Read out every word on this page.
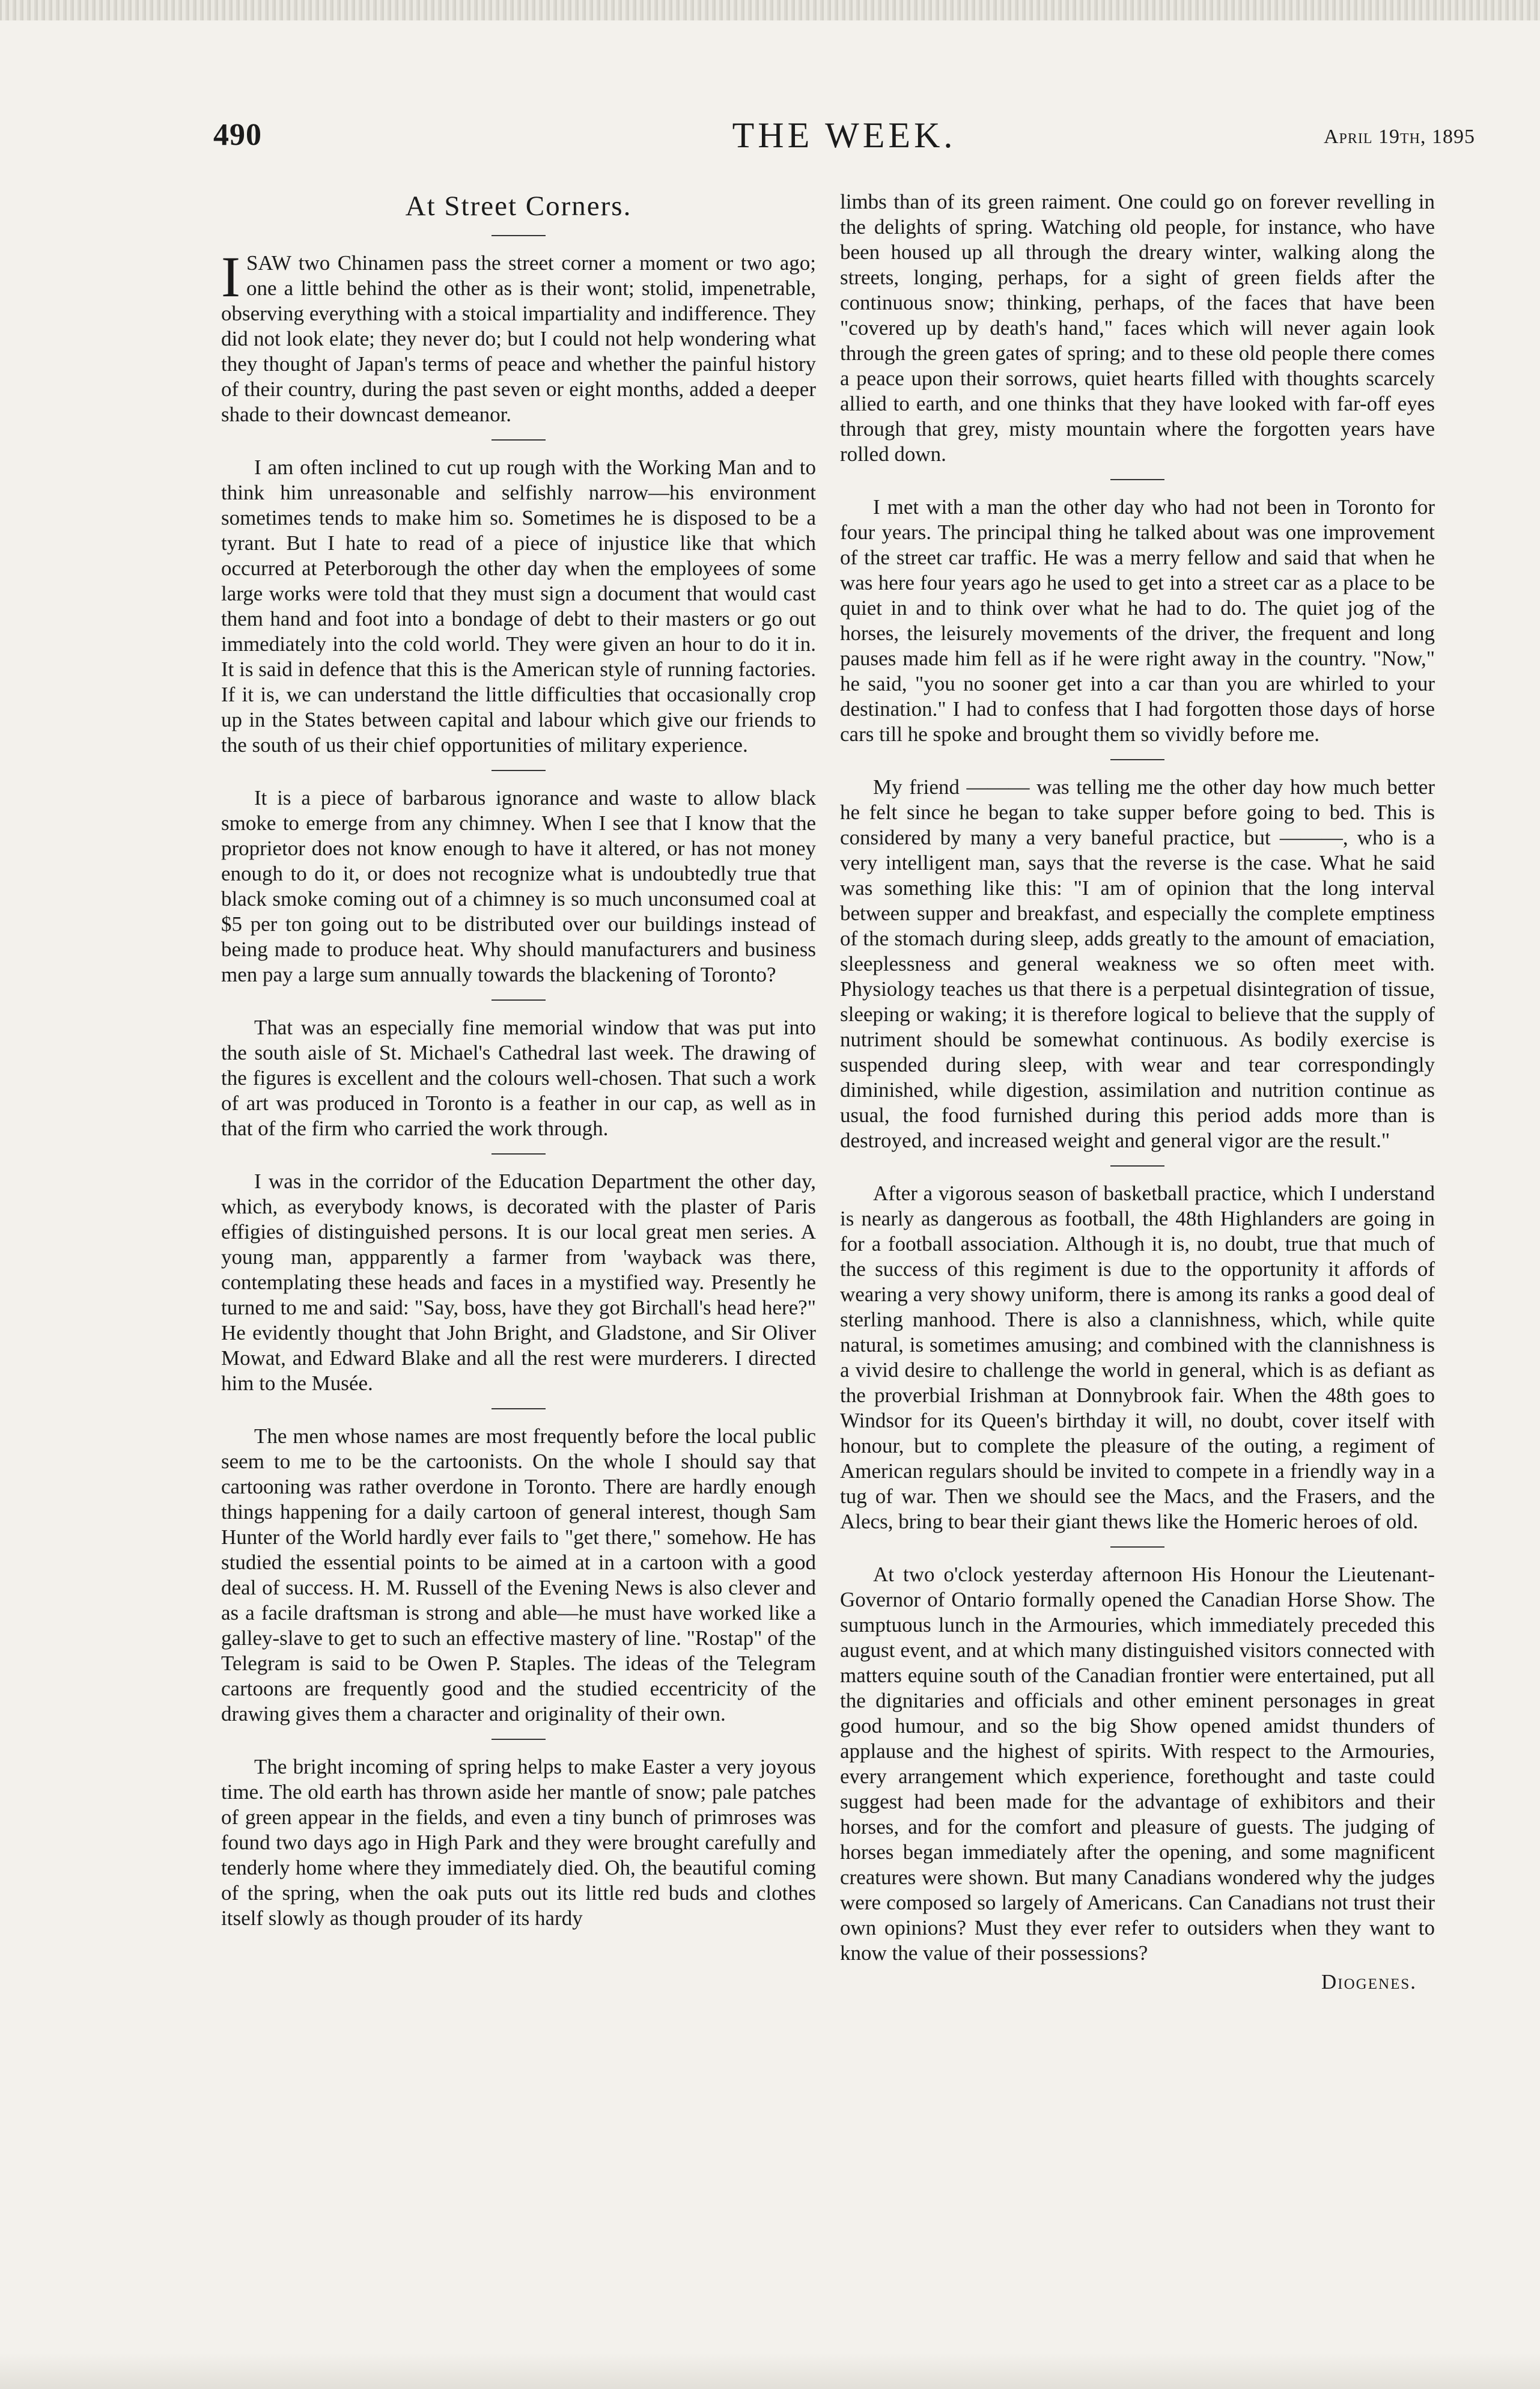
490	THE WEEK.	April 19th, 1895
At Street Corners.

I SAW two Chinamen pass the street corner a moment or two ago; one a little behind the other as is their wont; stolid, impenetrable, observing everything with a stoical impartiality and indifference. They did not look elate; they never do; but I could not help wondering what they thought of Japan's terms of peace and whether the painful history of their country, during the past seven or eight months, added a deeper shade to their downcast demeanor.

I am often inclined to cut up rough with the Working Man and to think him unreasonable and selfishly narrow—his environment sometimes tends to make him so. Sometimes he is disposed to be a tyrant. But I hate to read of a piece of injustice like that which occurred at Peterborough the other day when the employees of some large works were told that they must sign a document that would cast them hand and foot into a bondage of debt to their masters or go out immediately into the cold world. They were given an hour to do it in. It is said in defence that this is the American style of running factories. If it is, we can understand the little difficulties that occasionally crop up in the States between capital and labour which give our friends to the south of us their chief opportunities of military experience.

It is a piece of barbarous ignorance and waste to allow black smoke to emerge from any chimney. When I see that I know that the proprietor does not know enough to have it altered, or has not money enough to do it, or does not recognize what is undoubtedly true that black smoke coming out of a chimney is so much unconsumed coal at $5 per ton going out to be distributed over our buildings instead of being made to produce heat. Why should manufacturers and business men pay a large sum annually towards the blackening of Toronto?

That was an especially fine memorial window that was put into the south aisle of St. Michael's Cathedral last week. The drawing of the figures is excellent and the colours well-chosen. That such a work of art was produced in Toronto is a feather in our cap, as well as in that of the firm who carried the work through.

I was in the corridor of the Education Department the other day, which, as everybody knows, is decorated with the plaster of Paris effigies of distinguished persons. It is our local great men series. A young man, appparently a farmer from 'wayback was there, contemplating these heads and faces in a mystified way. Presently he turned to me and said: "Say, boss, have they got Birchall's head here?" He evidently thought that John Bright, and Gladstone, and Sir Oliver Mowat, and Edward Blake and all the rest were murderers. I directed him to the Musée.

The men whose names are most frequently before the local public seem to me to be the cartoonists. On the whole I should say that cartooning was rather overdone in Toronto. There are hardly enough things happening for a daily cartoon of general interest, though Sam Hunter of the World hardly ever fails to "get there," somehow. He has studied the essential points to be aimed at in a cartoon with a good deal of success. H. M. Russell of the Evening News is also clever and as a facile draftsman is strong and able—he must have worked like a galley-slave to get to such an effective mastery of line. "Rostap" of the Telegram is said to be Owen P. Staples. The ideas of the Telegram cartoons are frequently good and the studied eccentricity of the drawing gives them a character and originality of their own.

The bright incoming of spring helps to make Easter a very joyous time. The old earth has thrown aside her mantle of snow; pale patches of green appear in the fields, and even a tiny bunch of primroses was found two days ago in High Park and they were brought carefully and tenderly home where they immediately died. Oh, the beautiful coming of the spring, when the oak puts out its little red buds and clothes itself slowly as though prouder of its hardy

limbs than of its green raiment. One could go on forever revelling in the delights of spring. Watching old people, for instance, who have been housed up all through the dreary winter, walking along the streets, longing, perhaps, for a sight of green fields after the continuous snow; thinking, perhaps, of the faces that have been "covered up by death's hand," faces which will never again look through the green gates of spring; and to these old people there comes a peace upon their sorrows, quiet hearts filled with thoughts scarcely allied to earth, and one thinks that they have looked with far-off eyes through that grey, misty mountain where the forgotten years have rolled down.

I met with a man the other day who had not been in Toronto for four years. The principal thing he talked about was one improvement of the street car traffic. He was a merry fellow and said that when he was here four years ago he used to get into a street car as a place to be quiet in and to think over what he had to do. The quiet jog of the horses, the leisurely movements of the driver, the frequent and long pauses made him fell as if he were right away in the country. "Now," he said, "you no sooner get into a car than you are whirled to your destination." I had to confess that I had forgotten those days of horse cars till he spoke and brought them so vividly before me.

My friend ——— was telling me the other day how much better he felt since he began to take supper before going to bed. This is considered by many a very baneful practice, but ———, who is a very intelligent man, says that the reverse is the case. What he said was something like this: "I am of opinion that the long interval between supper and breakfast, and especially the complete emptiness of the stomach during sleep, adds greatly to the amount of emaciation, sleeplessness and general weakness we so often meet with. Physiology teaches us that there is a perpetual disintegration of tissue, sleeping or waking; it is therefore logical to believe that the supply of nutriment should be somewhat continuous. As bodily exercise is suspended during sleep, with wear and tear correspondingly diminished, while digestion, assimilation and nutrition continue as usual, the food furnished during this period adds more than is destroyed, and increased weight and general vigor are the result."

After a vigorous season of basketball practice, which I understand is nearly as dangerous as football, the 48th Highlanders are going in for a football association. Although it is, no doubt, true that much of the success of this regiment is due to the opportunity it affords of wearing a very showy uniform, there is among its ranks a good deal of sterling manhood. There is also a clannishness, which, while quite natural, is sometimes amusing; and combined with the clannishness is a vivid desire to challenge the world in general, which is as defiant as the proverbial Irishman at Donnybrook fair. When the 48th goes to Windsor for its Queen's birthday it will, no doubt, cover itself with honour, but to complete the pleasure of the outing, a regiment of American regulars should be invited to compete in a friendly way in a tug of war. Then we should see the Macs, and the Frasers, and the Alecs, bring to bear their giant thews like the Homeric heroes of old.

At two o'clock yesterday afternoon His Honour the Lieutenant-Governor of Ontario formally opened the Canadian Horse Show. The sumptuous lunch in the Armouries, which immediately preceded this august event, and at which many distinguished visitors connected with matters equine south of the Canadian frontier were entertained, put all the dignitaries and officials and other eminent personages in great good humour, and so the big Show opened amidst thunders of applause and the highest of spirits. With respect to the Armouries, every arrangement which experience, forethought and taste could suggest had been made for the advantage of exhibitors and their horses, and for the comfort and pleasure of guests. The judging of horses began immediately after the opening, and some magnificent creatures were shown. But many Canadians wondered why the judges were composed so largely of Americans. Can Canadians not trust their own opinions? Must they ever refer to outsiders when they want to know the value of their possessions?

Diogenes.
